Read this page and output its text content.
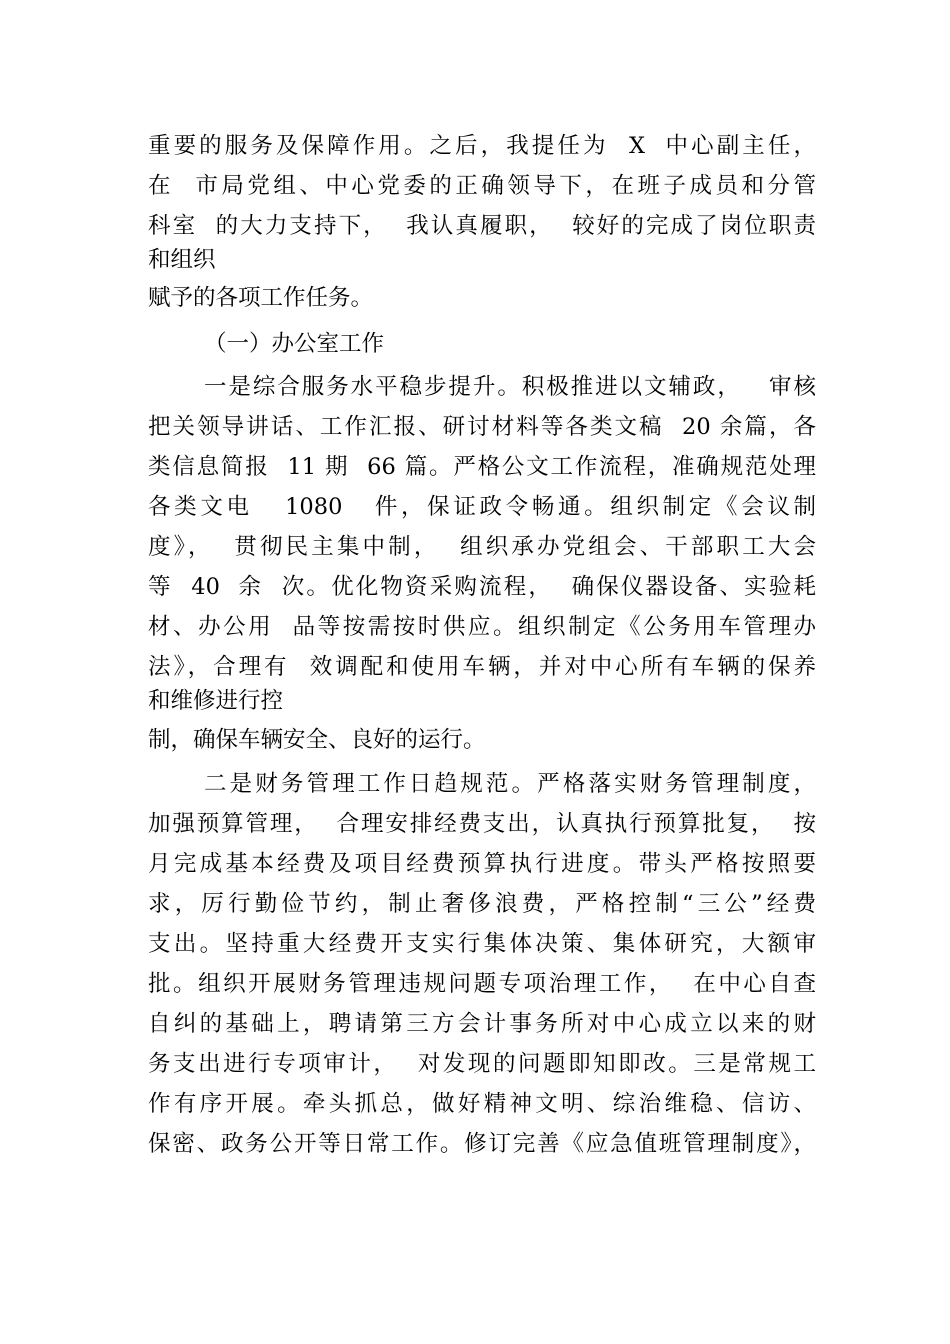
重要的服务及保障作用。之后，我提任为  X  中心副主任，
在  市局党组、中心党委的正确领导下，在班子成员和分管
科室  的大力支持下，  我认真履职，  较好的完成了岗位职责
和组织
赋予的各项工作任务。
（一）办公室工作
一是综合服务水平稳步提升。积极推进以文辅政，   审核
把关领导讲话、工作汇报、研讨材料等各类文稿  20 余篇，各
类信息简报  11 期  66 篇。严格公文工作流程，准确规范处理
各类文电   1080   件，保证政令畅通。组织制定《会议制
度》，  贯彻民主集中制，  组织承办党组会、干部职工大会
等  40  余  次。优化物资采购流程，  确保仪器设备、实验耗
材、办公用  品等按需按时供应。组织制定《公务用车管理办
法》，合理有  效调配和使用车辆，并对中心所有车辆的保养
和维修进行控
制，确保车辆安全、良好的运行。
二是财务管理工作日趋规范。严格落实财务管理制度，
加强预算管理，  合理安排经费支出，认真执行预算批复，  按
月完成基本经费及项目经费预算执行进度。带头严格按照要
求，厉行勤俭节约，制止奢侈浪费，严格控制“三公”经费
支出。坚持重大经费开支实行集体决策、集体研究，大额审
批。组织开展财务管理违规问题专项治理工作，  在中心自查
自纠的基础上，聘请第三方会计事务所对中心成立以来的财
务支出进行专项审计，  对发现的问题即知即改。三是常规工
作有序开展。牵头抓总，做好精神文明、综治维稳、信访、
保密、政务公开等日常工作。修订完善《应急值班管理制度》，
